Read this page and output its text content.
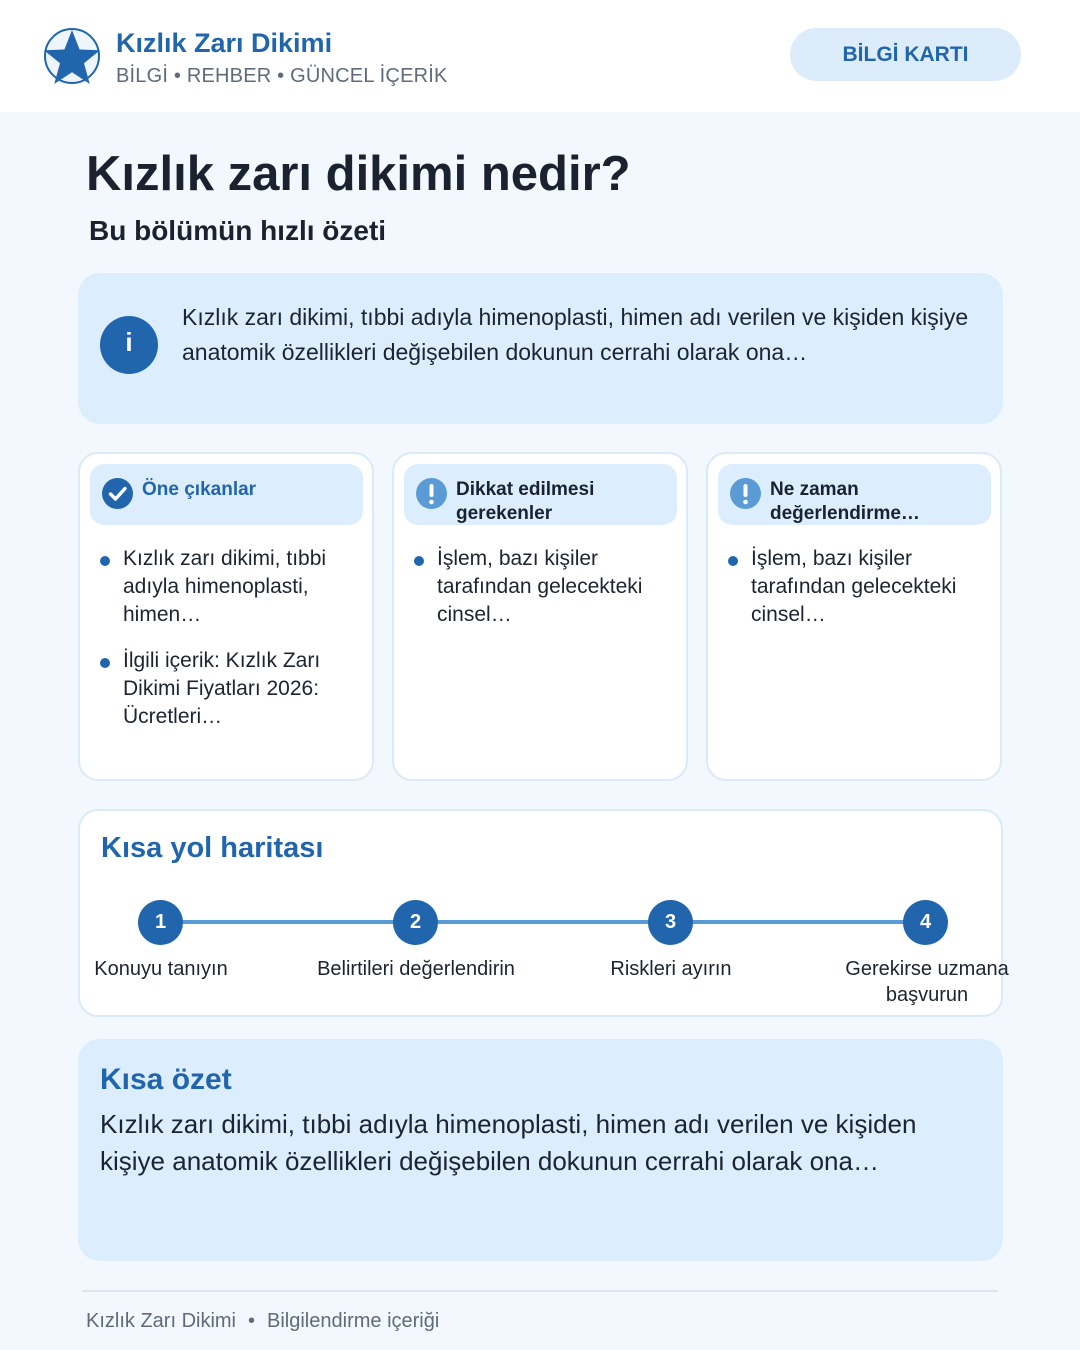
Kızlık Zarı Dikimi
BİLGİ • REHBER • GÜNCEL İÇERİK
BİLGİ KARTI
Kızlık zarı dikimi nedir?
Bu bölümün hızlı özeti
i

Kızlık zarı dikimi, tıbbi adıyla himenoplasti, himen adı verilen ve kişiden kişiye anatomik özellikleri değişebilen dokunun cerrahi olarak ona…

Öne çıkanlar
Kızlık zarı dikimi, tıbbi adıyla himenoplasti, himen…
İlgili içerik: Kızlık Zarı Dikimi Fiyatları 2026: Ücretleri…
Dikkat edilmesi gerekenler
İşlem, bazı kişiler tarafından gelecekteki cinsel…
Ne zaman değerlendirme…
İşlem, bazı kişiler tarafından gelecekteki cinsel…
Kısa yol haritası
1
Konuyu tanıyın
2
Belirtileri değerlendirin
3
Riskleri ayırın
4
Gerekirse uzmana başvurun
Kısa özet

Kızlık zarı dikimi, tıbbi adıyla himenoplasti, himen adı verilen ve kişiden kişiye anatomik özellikleri değişebilen dokunun cerrahi olarak ona…

Kızlık Zarı Dikimi • Bilgilendirme içeriği
